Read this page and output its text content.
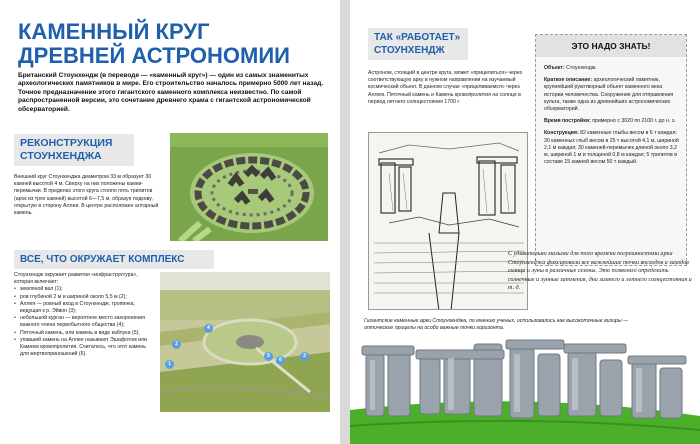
КАМЕННЫЙ КРУГ
ДРЕВНЕЙ АСТРОНОМИИ
Британский Стоунхендж (в переводе — «каменный круг») — один из самых знаменитых археологических памятников в мире. Его строительство началось примерно 5000 лет назад. Точное предназначение этого гигантского каменного комплекса неизвестно. По самой распространенной версии, это сочетание древнего храма с гигантской астрономической обсерваторией.
РЕКОНСТРУКЦИЯ
СТОУНХЕНДЖА
Внешний круг Стоунхенджа диаметром 33 м образует 30 камней высотой 4 м. Сверху на них положены камни-перемычки. В пределах этого круга стояло пять трилитов (арок из трех камней) высотой 6—7,5 м, образуя подкову, открытую в сторону Аллеи. В центре расположен алтарный камень.
ВСЕ, ЧТО ОКРУЖАЕТ КОМПЛЕКС
Стоунхендж окружает развитая «инфраструктура», которая включает:
• земляной вал (1);
• ров глубиной 2 м и шириной около 5,5 м (2);
• Аллея — ровный вход в Стоунхендж, тропинка, ведущая к р. Эйвон (3);
• небольшой курган — вероятное место захоронения важного члена первобытного общества (4);
• Пяточный камень, или камень в виде каблука (5);
• упавший камень на Аллее называют Эшафотом или Камнем кровопролития. Считалось, что этот камень для жертвоприношений (6).
1
2
3
4
5
6
ТАК «РАБОТАЕТ»
СТОУНХЕНДЖ
Астроном, стоящий в центре круга, может «прицелиться» через соответствующую арку в нужном направлении на изучаемый космический объект. В данном случае «прицеливаемся» через Аллею. Пяточный камень и Камень кровопролития на солнце в период летнего солнцестояния 1700 г.
ЭТО НАДО ЗНАТЬ!

Объект: Стоунхендж.

Краткое описание: археологический памятник, крупнейший рукотворный объект каменного века истории человечества. Сооружение для отправления культа, также одна из древнейших астрономических обсерваторий.

Время постройки: примерно с 3020 по 2100 г. до н. э.

Конструкция: 82 каменные глыбы весом в 6 т каждая; 30 каменных глыб весом в 25 т высотой 4,1 м, шириной 2,1 м каждая; 30 каменей-перемычек длиной около 3,2 м, шириной 1 м и толщиной 0,8 м каждая; 5 трилитов в составе 15 камней весом 50 т каждый.

С удивительно малыми для того времени погрешностями арки Стоунхенджа фиксировали все важнейшие точки восходов и заходов солнца и луны в различные сезоны. Это позволяло определить солнечные и лунные затмения, дни зимнего и летнего солнцестояния и т. д.
Гигантские каменные арки Стоунхенджа, по мнению ученых, использовались как высокоточные визиры — оптические прицелы на особо важные точки горизонта.
